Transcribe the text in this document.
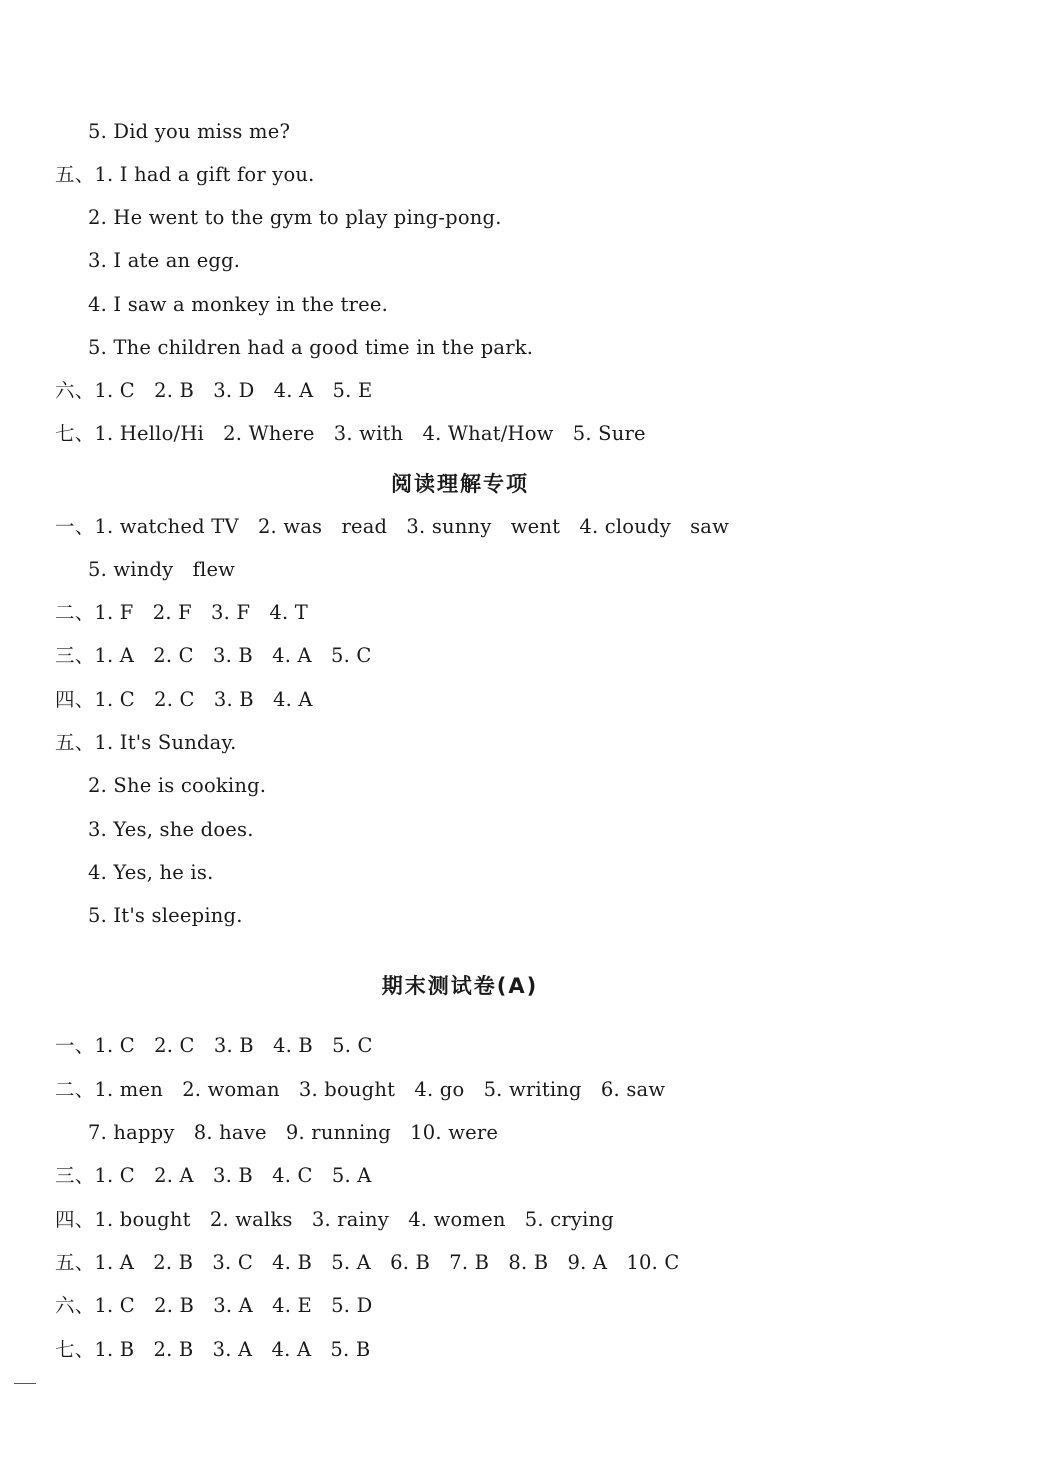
5. Did you miss me?
五、1. I had a gift for you.
2. He went to the gym to play ping-pong.
3. I ate an egg.
4. I saw a monkey in the tree.
5. The children had a good time in the park.
六、1. C   2. B   3. D   4. A   5. E
七、1. Hello/Hi   2. Where   3. with   4. What/How   5. Sure
阅读理解专项
一、1. watched TV   2. was   read   3. sunny   went   4. cloudy   saw
5. windy   flew
二、1. F   2. F   3. F   4. T
三、1. A   2. C   3. B   4. A   5. C
四、1. C   2. C   3. B   4. A
五、1. It's Sunday.
2. She is cooking.
3. Yes, she does.
4. Yes, he is.
5. It's sleeping.
期末测试卷(A)
一、1. C   2. C   3. B   4. B   5. C
二、1. men   2. woman   3. bought   4. go   5. writing   6. saw
7. happy   8. have   9. running   10. were
三、1. C   2. A   3. B   4. C   5. A
四、1. bought   2. walks   3. rainy   4. women   5. crying
五、1. A   2. B   3. C   4. B   5. A   6. B   7. B   8. B   9. A   10. C
六、1. C   2. B   3. A   4. E   5. D
七、1. B   2. B   3. A   4. A   5. B
